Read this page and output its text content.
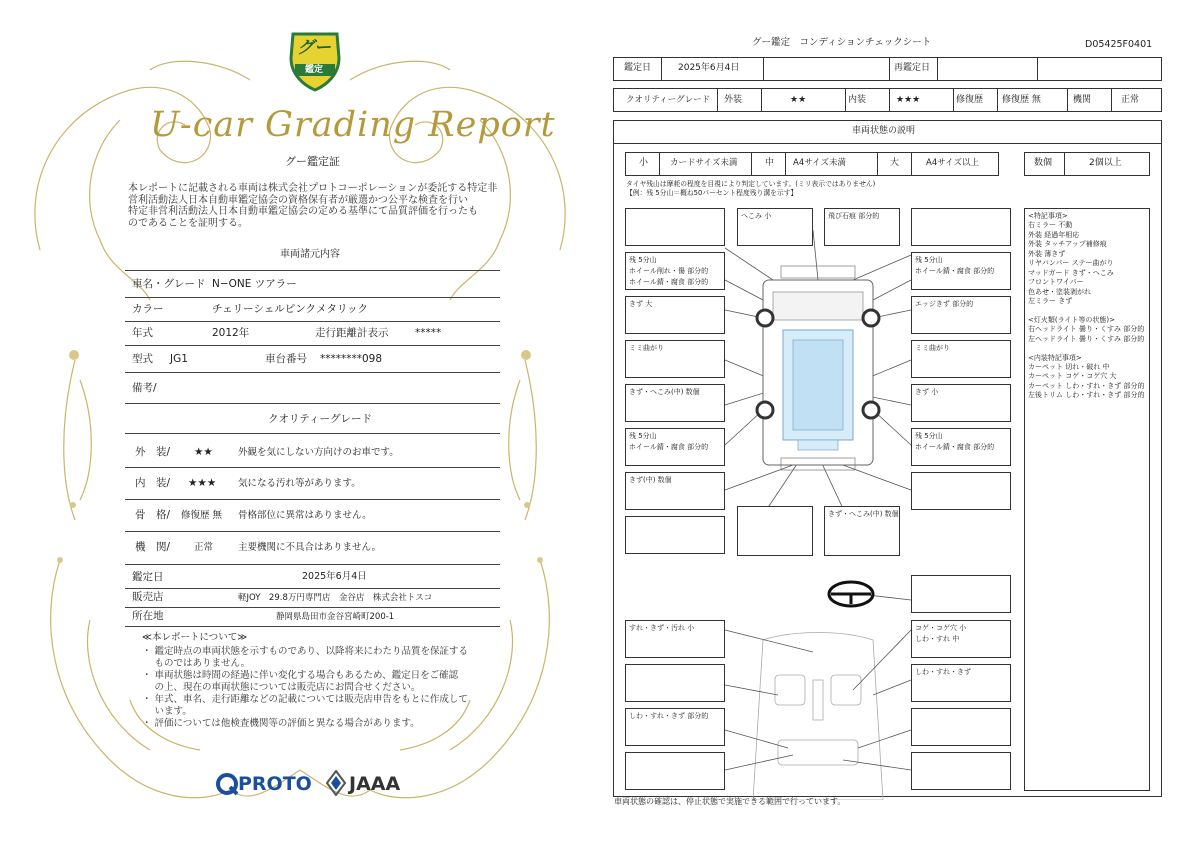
グー
鑑定
U-car Grading Report
グー鑑定証
本レポートに記載される車両は株式会社プロトコーポレーションが委託する特定非
営利活動法人日本自動車鑑定協会の資格保有者が厳選かつ公平な検査を行い
特定非営利活動法人日本自動車鑑定協会の定める基準にて品質評価を行ったも
のであることを証明する。
車両諸元内容
車名・グレード N−ONE ツアラー
カラー	チェリーシェルピンクメタリック
年式	2012年	走行距離計表示	*****
型式 JG1	車台番号 ********098
備考/
クオリティーグレード
外　装/ ★★	外観を気にしない方向けのお車です。
内　装/ ★★★ 気になる汚れ等があります。
骨　格/ 修復歴 無 骨格部位に異常はありません。
機　関/	正常	主要機関に不具合はありません。
鑑定日	2025年6月4日
販売店	軽JOY　29.8万円専門店　金谷店　株式会社トスコ
所在地	静岡県島田市金谷宮崎町200-1
≪本レポートについて≫
・ 鑑定時点の車両状態を示すものであり、以降将来にわたり品質を保証する
　 ものではありません。
・ 車両状態は時間の経過に伴い変化する場合もあるため、鑑定日をご確認
　 の上、現在の車両状態については販売店にお問合せください。
・ 年式、車名、走行距離などの記載については販売店申告をもとに作成して
　 います。
・ 評価については他検査機関等の評価と異なる場合があります。
PROTO JAAA
グー鑑定　コンディションチェックシート	D05425F0401
鑑定日	2025年6月4日	再鑑定日
クオリティーグレード 外装	★★	内装	★★★	修復歴 修復歴 無	機関	正常
車両状態の説明
小	カードサイズ未満	中 A4サイズ未満	大	A4サイズ以上	数個	2個以上
タイヤ残山は摩耗の程度を目視により判定しています。(ミリ表示ではありません)
【例：残 5分山＝概ね50パーセント程度残り溝を示す】
<特記事項>
右ミラー 不動
外装 経過年相応
外装 タッチアップ補修痕
外装 薄きず
リヤバンパー ステー曲がり
マッドガード きず・へこみ
フロントワイパー
色あせ・塗装剥がれ
左ミラー きず

<灯火類(ライト等の状態)>
右ヘッドライト 曇り・くすみ 部分的
左ヘッドライト 曇り・くすみ 部分的

<内装特記事項>
カーペット 切れ・破れ 中
カーペット コゲ・コゲ穴 大
カーペット しわ・すれ・きず 部分的
左後トリム しわ・すれ・きず 部分的
残 5分山
ホイール削れ・傷 部分的
ホイール錆・腐食 部分的
きず 大
ミミ曲がり
きず・へこみ(中) 数個
残 5分山
ホイール錆・腐食 部分的
きず(中) 数個
へこみ 小	飛び石痕 部分的
きず・へこみ(中) 数個
残 5分山
ホイール錆・腐食 部分的
エッジきず 部分的
ミミ曲がり
きず 小
残 5分山
ホイール錆・腐食 部分的
すれ・きず・汚れ 小
しわ・すれ・きず 部分的
コゲ・コゲ穴 小
しわ・すれ 中
しわ・すれ・きず
車両状態の確認は、停止状態で実施できる範囲で行っています。
